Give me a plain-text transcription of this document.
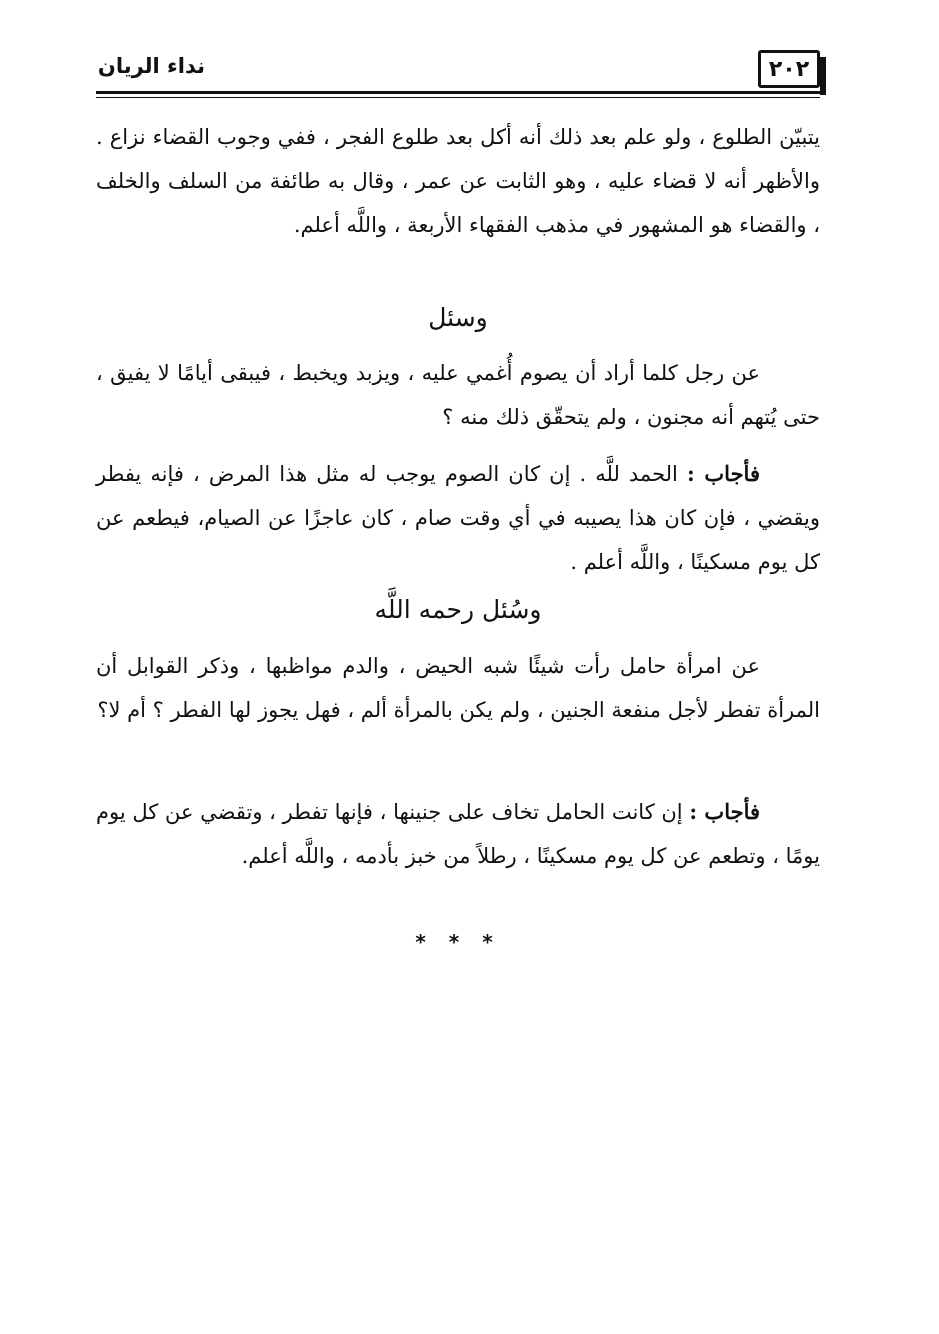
نداء الريان	٢٠٢
يتبيّن الطلوع ، ولو علم بعد ذلك أنه أكل بعد طلوع الفجر ، ففي وجوب القضاء نزاع . والأظهر أنه لا قضاء عليه ، وهو الثابت عن عمر ، وقال به طائفة من السلف والخلف ، والقضاء هو المشهور في مذهب الفقهاء الأربعة ، واللَّه أعلم.
وسئل
عن رجل كلما أراد أن يصوم أُغمي عليه ، ويزبد ويخبط ، فيبقى أيامًا لا يفيق ، حتى يُتهم أنه مجنون ، ولم يتحقّق ذلك منه ؟
فأجاب : الحمد للَّه . إن كان الصوم يوجب له مثل هذا المرض ، فإنه يفطر ويقضي ، فإن كان هذا يصيبه في أي وقت صام ، كان عاجزًا عن الصيام، فيطعم عن كل يوم مسكينًا ، واللَّه أعلم .
وسُئل رحمه اللَّه
عن امرأة حامل رأت شيئًا شبه الحيض ، والدم مواظبها ، وذكر القوابل أن المرأة تفطر لأجل منفعة الجنين ، ولم يكن بالمرأة ألم ، فهل يجوز لها الفطر ؟ أم لا؟
فأجاب : إن كانت الحامل تخاف على جنينها ، فإنها تفطر ، وتقضي عن كل يوم يومًا ، وتطعم عن كل يوم مسكينًا ، رطلاً من خبز بأدمه ، واللَّه أعلم.
* * *
